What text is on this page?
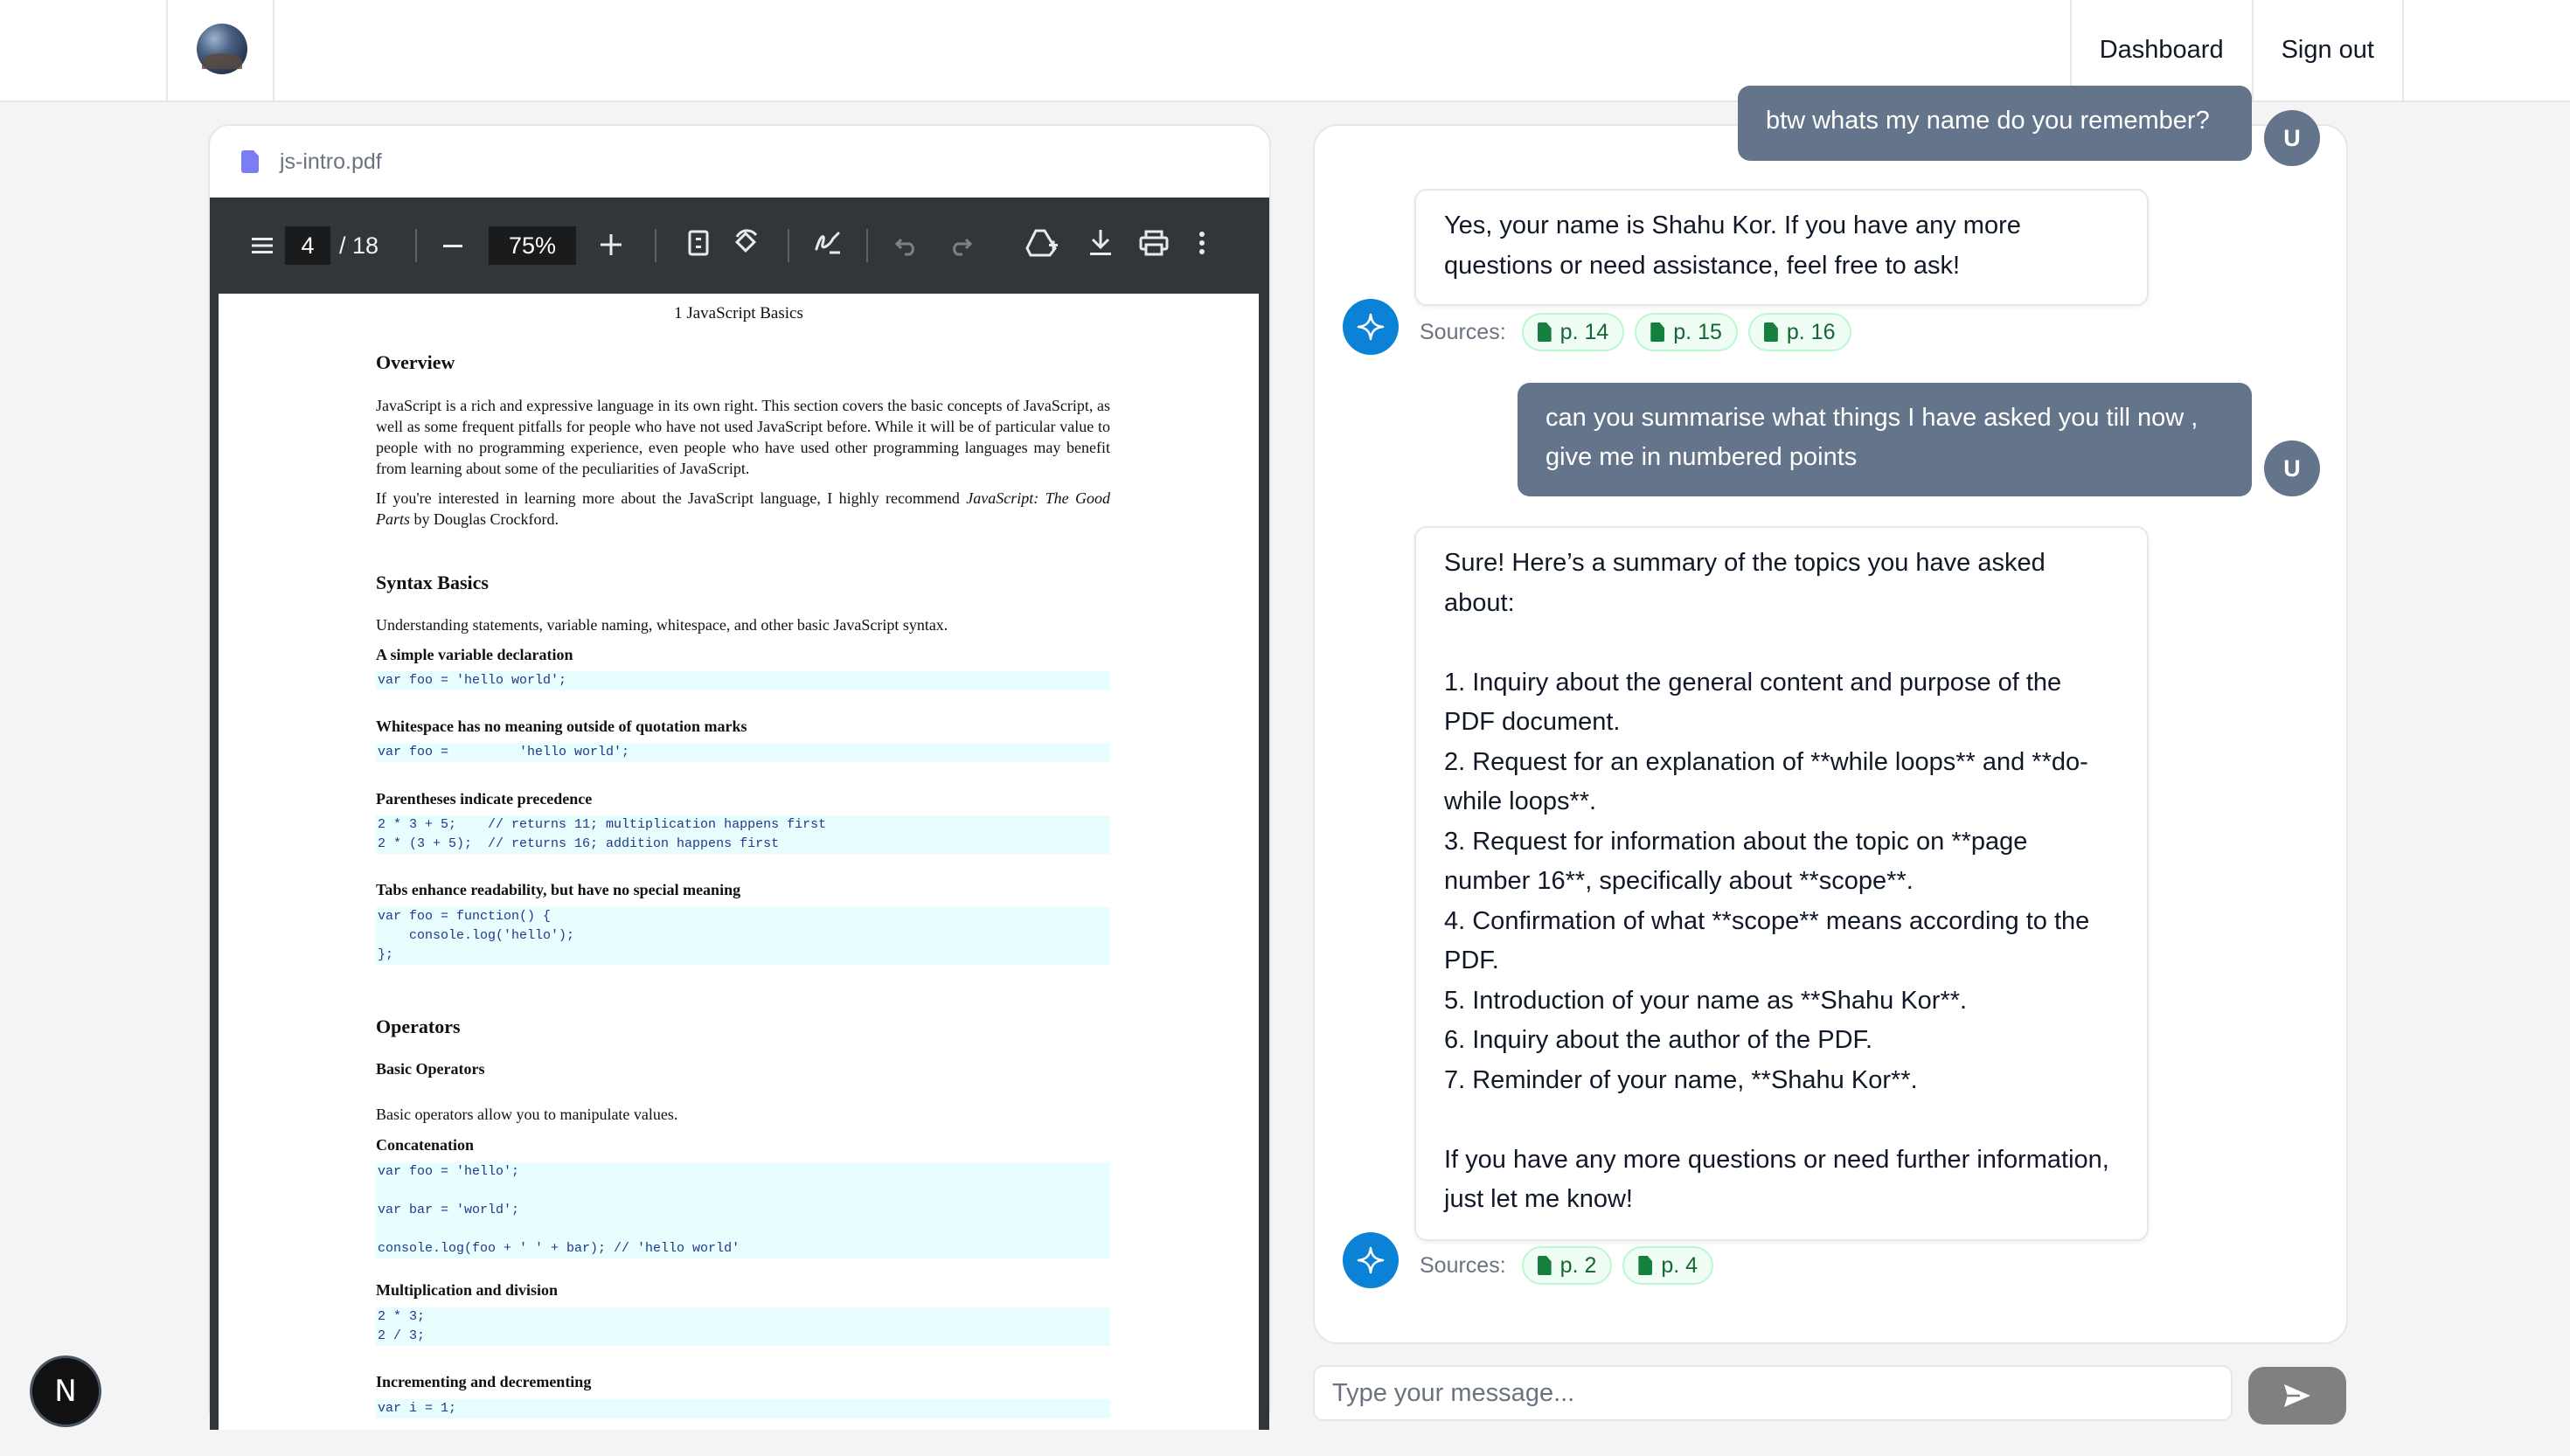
Dashboard	Sign out
js-intro.pdf
4	/ 18	75%
1 JavaScript Basics
Overview
JavaScript is a rich and expressive language in its own right. This section covers the basic concepts of JavaScript, as well as some frequent pitfalls for people who have not used JavaScript before. While it will be of particular value to people with no programming experience, even people who have used other programming languages may benefit from learning about some of the peculiarities of JavaScript.
If you're interested in learning more about the JavaScript language, I highly recommend JavaScript: The Good Parts by Douglas Crockford.
Syntax Basics
Understanding statements, variable naming, whitespace, and other basic JavaScript syntax.
A simple variable declaration
var foo = 'hello world';
Whitespace has no meaning outside of quotation marks
var foo =         'hello world';
Parentheses indicate precedence
2 * 3 + 5;    // returns 11; multiplication happens first
2 * (3 + 5);  // returns 16; addition happens first
Tabs enhance readability, but have no special meaning
var foo = function() {
console.log('hello');
};
Operators
Basic Operators
Basic operators allow you to manipulate values.
Concatenation
var foo = 'hello';

var bar = 'world';

console.log(foo + ' ' + bar); // 'hello world'
Multiplication and division
2 * 3;
2 / 3;
Incrementing and decrementing
var i = 1;
btw whats my name do you remember?
U
Yes, your name is Shahu Kor. If you have any more questions or need assistance, feel free to ask!
Sources: p. 14	p. 15	p. 16
can you summarise what things I have asked you till now , give me in numbered points	U
Sure! Here’s a summary of the topics you have asked about:

1. Inquiry about the general content and purpose of the PDF document.
2. Request for an explanation of **while loops** and **do-while loops**.
3. Request for information about the topic on **page number 16**, specifically about **scope**.
4. Confirmation of what **scope** means according to the PDF.
5. Introduction of your name as **Shahu Kor**.
6. Inquiry about the author of the PDF.
7. Reminder of your name, **Shahu Kor**.

If you have any more questions or need further information, just let me know!
Sources: p. 2	p. 4
Type your message...
N
